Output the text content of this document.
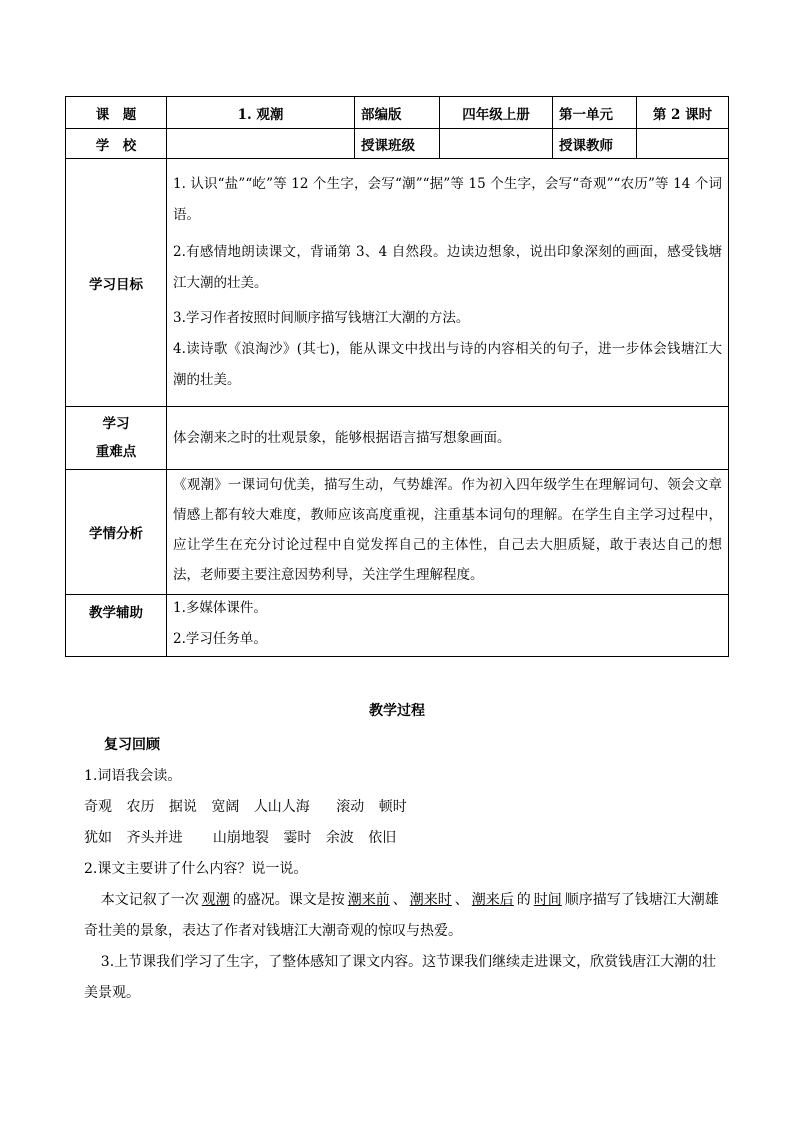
课　题	1. 观潮	部编版	四年级上册	第一单元	第 2 课时
学　校		授课班级		授课教师	
学习目标	1. 认识“盐”“屹”等 12 个生字，会写“潮”“据”等 15 个生字，会写“奇观”“农历”等 14 个词语。

2.有感情地朗读课文，背诵第 3、4 自然段。边读边想象，说出印象深刻的画面，感受钱塘江大潮的壮美。

3.学习作者按照时间顺序描写钱塘江大潮的方法。

4.读诗歌《浪淘沙》(其七)，能从课文中找出与诗的内容相关的句子，进一步体会钱塘江大潮的壮美。				

学习
重难点	体会潮来之时的壮观景象，能够根据语言描写想象画面。				

学情分析	《观潮》一课词句优美，描写生动，气势雄浑。作为初入四年级学生在理解词句、领会文章情感上都有较大难度，教师应该高度重视，注重基本词句的理解。在学生自主学习过程中，应让学生在充分讨论过程中自觉发挥自己的主体性，自己去大胆质疑，敢于表达自己的想法，老师要主要注意因势利导，关注学生理解程度。				

教学辅助	1.多媒体课件。

2.学习任务单。				

教学过程
复习回顾
1.词语我会读。
奇观 农历 据说 宽阔 人山人海 滚动 顿时
犹如 齐头并进 山崩地裂 霎时 余波 依旧
2.课文主要讲了什么内容？说一说。
本文记叙了一次 观潮 的盛况。课文是按 潮来前 、 潮来时 、 潮来后 的 时间 顺序描写了钱塘江大潮雄奇壮美的景象，表达了作者对钱塘江大潮奇观的惊叹与热爱。
3.上节课我们学习了生字，了整体感知了课文内容。这节课我们继续走进课文，欣赏钱唐江大潮的壮美景观。
